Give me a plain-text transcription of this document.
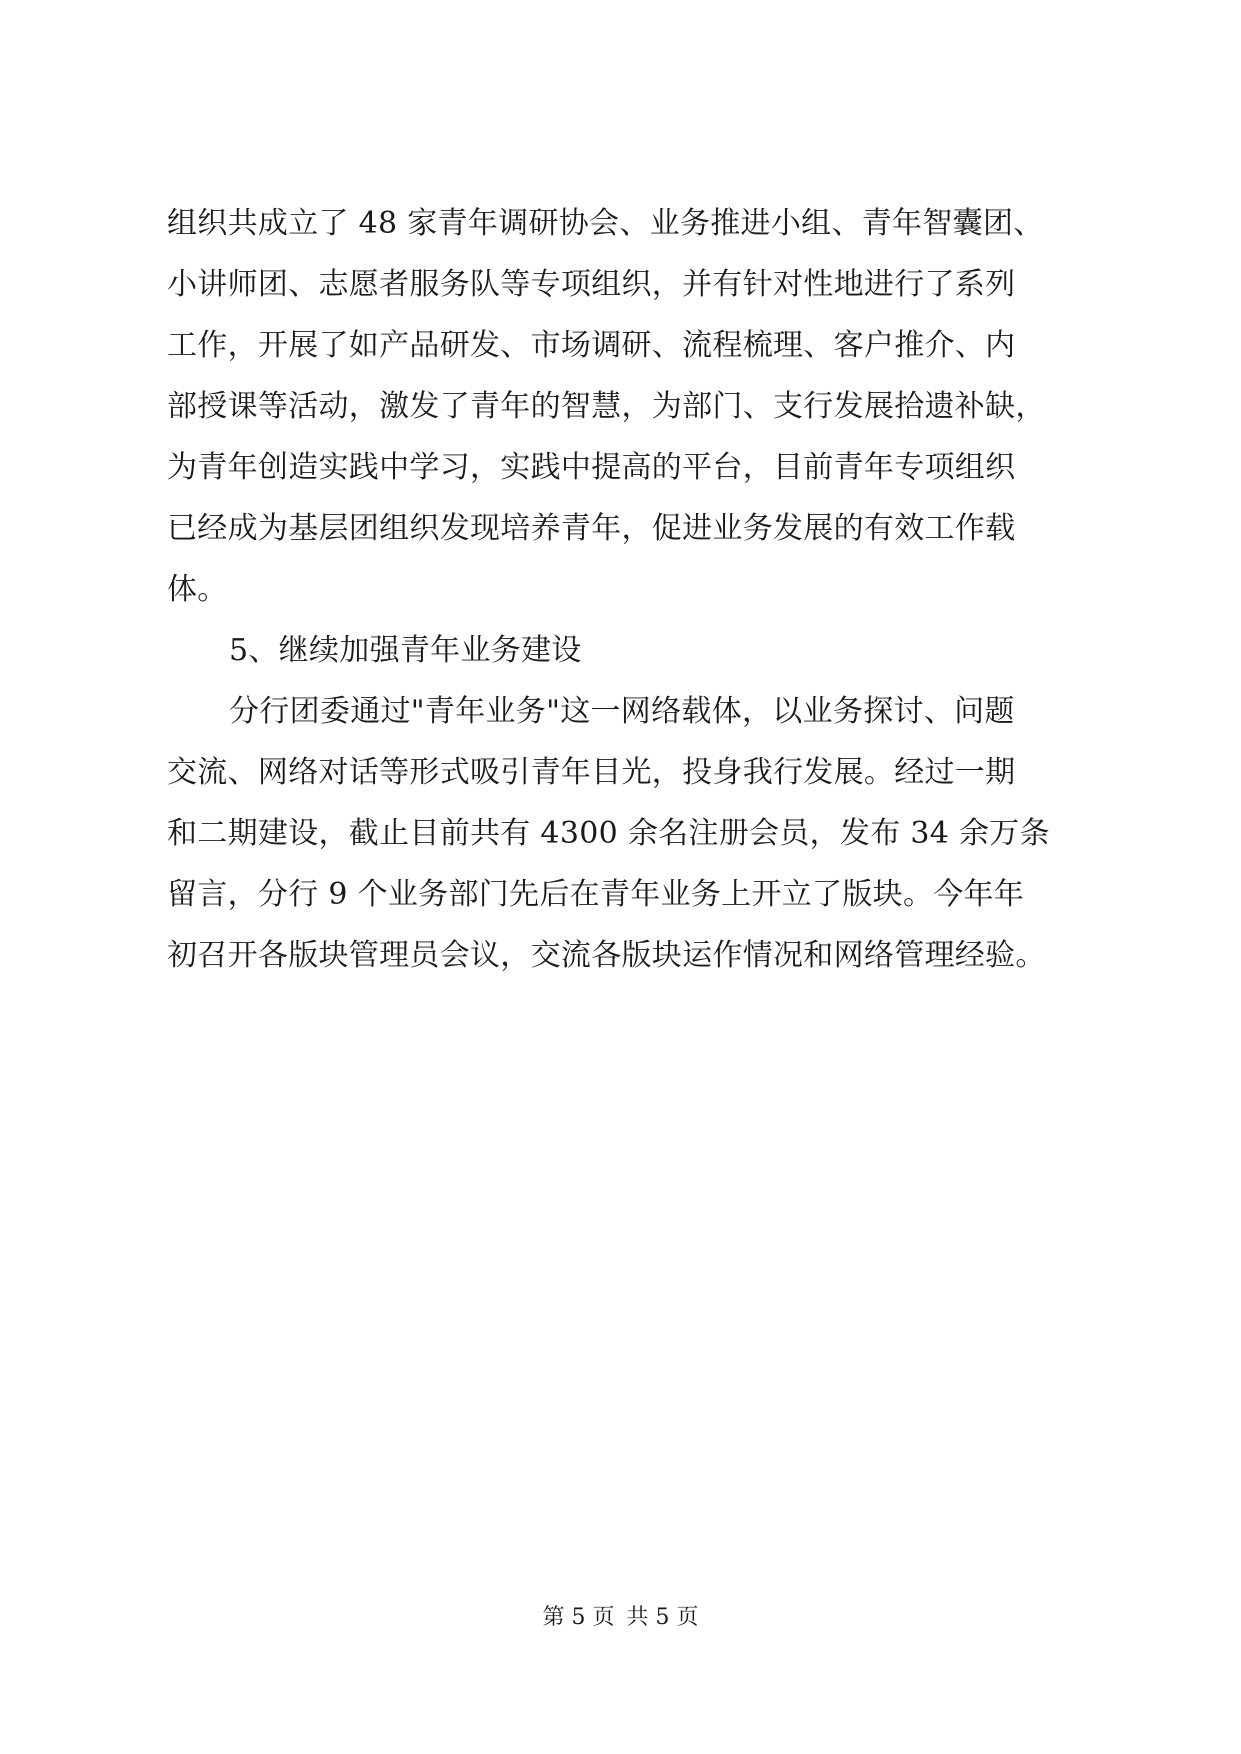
组织共成立了 48 家青年调研协会、业务推进小组、青年智囊团、
小讲师团、志愿者服务队等专项组织，并有针对性地进行了系列
工作，开展了如产品研发、市场调研、流程梳理、客户推介、内
部授课等活动，激发了青年的智慧，为部门、支行发展拾遗补缺，
为青年创造实践中学习，实践中提高的平台，目前青年专项组织
已经成为基层团组织发现培养青年，促进业务发展的有效工作载
体。
5、继续加强青年业务建设
分行团委通过"青年业务"这一网络载体，以业务探讨、问题
交流、网络对话等形式吸引青年目光，投身我行发展。经过一期
和二期建设，截止目前共有 4300 余名注册会员，发布 34 余万条
留言，分行 9 个业务部门先后在青年业务上开立了版块。今年年
初召开各版块管理员会议，交流各版块运作情况和网络管理经验。
第 5 页 共 5 页
